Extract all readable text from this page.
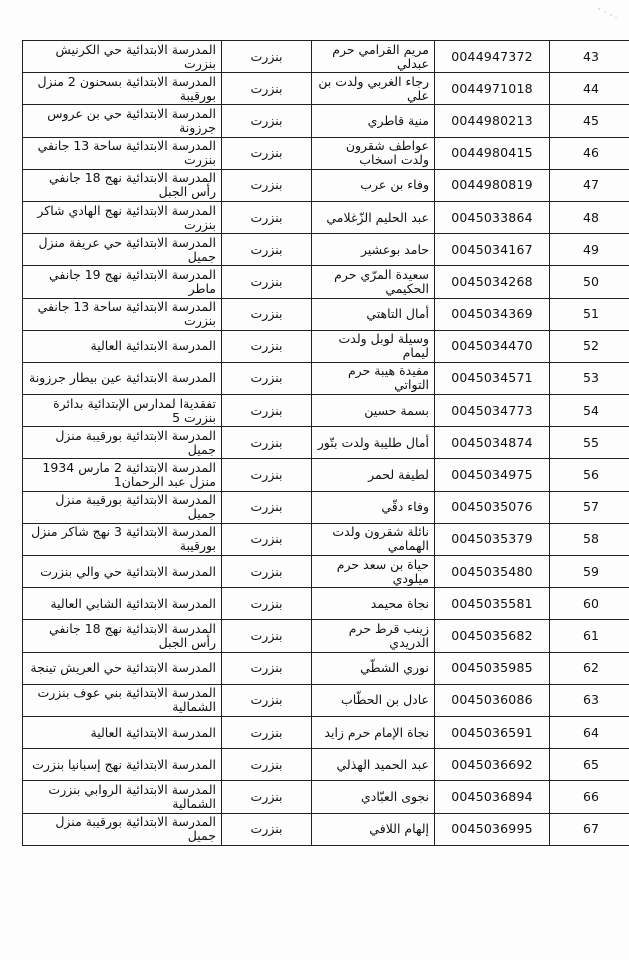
المدرسة الابتدائية حي الكرنيش بنزرت	بنزرت	مريم القرامي حرم عبدلي	0044947372	43
المدرسة الابتدائية بسحنون 2 منزل بورقيبة	بنزرت	رجاء الغربي ولدت بن علي	0044971018	44
المدرسة الابتدائية حي بن عروس جرزونة	بنزرت	منية قاطري	0044980213	45
المدرسة الابتدائية ساحة 13 جانفي بنزرت	بنزرت	عواطف شقرون ولدت اسخاب	0044980415	46
المدرسة الابتدائية نهج 18 جانفي رأس الجبل	بنزرت	وفاء بن عرب	0044980819	47
المدرسة الابتدائية نهج الهادي شاكر بنزرت	بنزرت	عبد الحليم الزّغلامي	0045033864	48
المدرسة الابتدائية حي عريفة منزل جميل	بنزرت	حامد بوعشير	0045034167	49
المدرسة الابتدائية نهج 19 جانفي ماطر	بنزرت	سعيدة المرّي حرم الحكيمي	0045034268	50
المدرسة الابتدائية ساحة 13 جانفي بنزرت	بنزرت	أمال التاهتي	0045034369	51
المدرسة الابتدائية العالية	بنزرت	وسيلة لوبل ولدت ليمام	0045034470	52
المدرسة الابتدائية عين بيطار جرزونة	بنزرت	مفيدة هيبة حرم التواتي	0045034571	53
تفقديةا لمدارس الإبتدائية بدائرة بنزرت 5	بنزرت	بسمة حسين	0045034773	54
المدرسة الابتدائية بورقيبة منزل جميل	بنزرت	أمال طليبة ولدت بتّور	0045034874	55
المدرسة الابتدائية 2 مارس 1934 منزل عبد الرحمان1	بنزرت	لطيفة لحمر	0045034975	56
المدرسة الابتدائية بورقيبة منزل جميل	بنزرت	وفاء دقّي	0045035076	57
المدرسة الابتدائية 3 نهج شاكر منزل بورقيبة	بنزرت	نائلة شقرون ولدت الهمامي	0045035379	58
المدرسة الابتدائية حي والي بنزرت	بنزرت	حياة بن سعد حرم ميلودي	0045035480	59
المدرسة الابتدائية الشابي العالية	بنزرت	نجاة محيمد	0045035581	60
المدرسة الابتدائية نهج 18 جانفي رأس الجبل	بنزرت	زينب قرط حرم الدريدي	0045035682	61
المدرسة الابتدائية حي العريش تينجة	بنزرت	نوري الشطّي	0045035985	62
المدرسة الابتدائية بني عوف بنزرت الشمالية	بنزرت	عادل بن الحطّاب	0045036086	63
المدرسة الابتدائية العالية	بنزرت	نجاة الإمام حرم زايد	0045036591	64
المدرسة الابتدائية نهج إسبانيا بنزرت	بنزرت	عبد الحميد الهذلي	0045036692	65
المدرسة الابتدائية الروابي بنزرت الشمالية	بنزرت	نجوى العبّادي	0045036894	66
المدرسة الابتدائية بورقيبة منزل جميل	بنزرت	إلهام اللافي	0045036995	67
